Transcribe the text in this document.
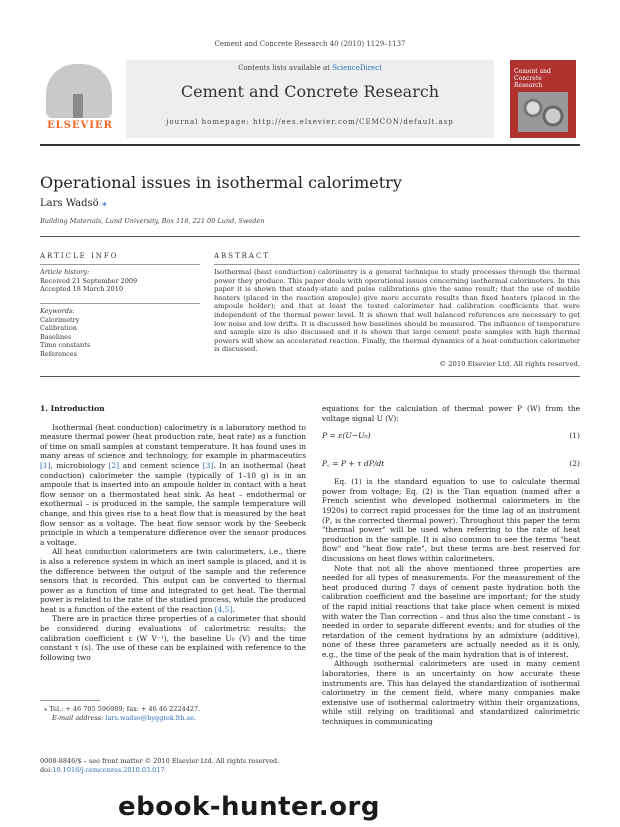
Cement and Concrete Research 40 (2010) 1129–1137
ELSEVIER
Contents lists available at ScienceDirect
Cement and Concrete Research
journal homepage: http://ees.elsevier.com/CEMCON/default.asp
Cement and Concrete Research
Operational issues in isothermal calorimetry
Lars Wadsö ⁎
Building Materials, Lund University, Box 118, 221 00 Lund, Sweden
ARTICLE INFO
Article history:
Received 21 September 2009
Accepted 18 March 2010
Keywords:
Calorimetry
Calibration
Baselines
Time constants
References
ABSTRACT
Isothermal (heat conduction) calorimetry is a general technique to study processes through the thermal power they produce. This paper deals with operational issues concerning isothermal calorimeters. In this paper it is shown that steady-state and pulse calibrations give the same result; that the use of mobile heaters (placed in the reaction ampoule) give more accurate results than fixed heaters (placed in the ampoule holder); and that at least the tested calorimeter had calibration coefficients that were independent of the thermal power level. It is shown that well balanced references are necessary to get low noise and low drifts. It is discussed how baselines should be measured. The influence of temperature and sample size is also discussed and it is shown that large cement paste samples with high thermal powers will show an accelerated reaction. Finally, the thermal dynamics of a heat conduction calorimeter is discussed.
© 2010 Elsevier Ltd. All rights reserved.
1. Introduction

Isothermal (heat conduction) calorimetry is a laboratory method to measure thermal power (heat production rate, heat rate) as a function of time on small samples at constant temperature. It has found uses in many areas of science and technology, for example in pharmaceutics [1], microbiology [2] and cement science [3]. In an isothermal (heat conduction) calorimeter the sample (typically of 1–10 g) is in an ampoule that is inserted into an ampoule holder in contact with a heat flow sensor on a thermostated heat sink. As heat – endothermal or exothermal – is produced in the sample, the sample temperature will change, and this gives rise to a heat flow that is measured by the heat flow sensor as a voltage. The heat flow sensor work by the Seebeck principle in which a temperature difference over the sensor produces a voltage.

All heat conduction calorimeters are twin calorimeters, i.e., there is also a reference system in which an inert sample is placed, and it is the difference between the output of the sample and the reference sensors that is recorded. This output can be converted to thermal power as a function of time and integrated to get heat. The thermal power is related to the rate of the studied process, while the produced heat is a function of the extent of the reaction [4,5].

There are in practice three properties of a calorimeter that should be considered during evaluations of calorimetric results: the calibration coefficient ε (W V⁻¹), the baseline U₀ (V) and the time constant τ (s). The use of these can be explained with reference to the following two

equations for the calculation of thermal power P (W) from the voltage signal U (V):

P = ε(U−U₀)	(1)
P꜀ = P + τ dP/dt	(2)

Eq. (1) is the standard equation to use to calculate thermal power from voltage; Eq. (2) is the Tian equation (named after a French scientist who developed isothermal calorimeters in the 1920s) to correct rapid processes for the time lag of an instrument (P꜀ is the corrected thermal power). Throughout this paper the term "thermal power" will be used when referring to the rate of heat production in the sample. It is also common to see the terms "heat flow" and "heat flow rate", but these terms are best reserved for discussions on heat flows within calorimeters.

Note that not all the above mentioned three properties are needed for all types of measurements. For the measurement of the heat produced during 7 days of cement paste hydration both the calibration coefficient and the baseline are important; for the study of the rapid initial reactions that take place when cement is mixed with water the Tian correction – and thus also the time constant – is needed in order to separate different events; and for studies of the retardation of the cement hydrations by an admixture (additive), none of these three parameters are actually needed as it is only, e.g., the time of the peak of the main hydration that is of interest.

Although isothermal calorimeters are used in many cement laboratories, there is an uncertainty on how accurate these instruments are. This has delayed the standardization of isothermal calorimetry in the cement field, where many companies make extensive use of isothermal calorimetry within their organizations, while still relying on traditional and standardized calorimetric techniques in communicating

⁎ Tel.: + 46 705 596989; fax: + 46 46 2224427.
E-mail address: lars.wadso@byggtek.lth.se.
0008-8846/$ – see front matter © 2010 Elsevier Ltd. All rights reserved.
doi:10.1016/j.cemconres.2010.03.017
ebook-hunter.org
